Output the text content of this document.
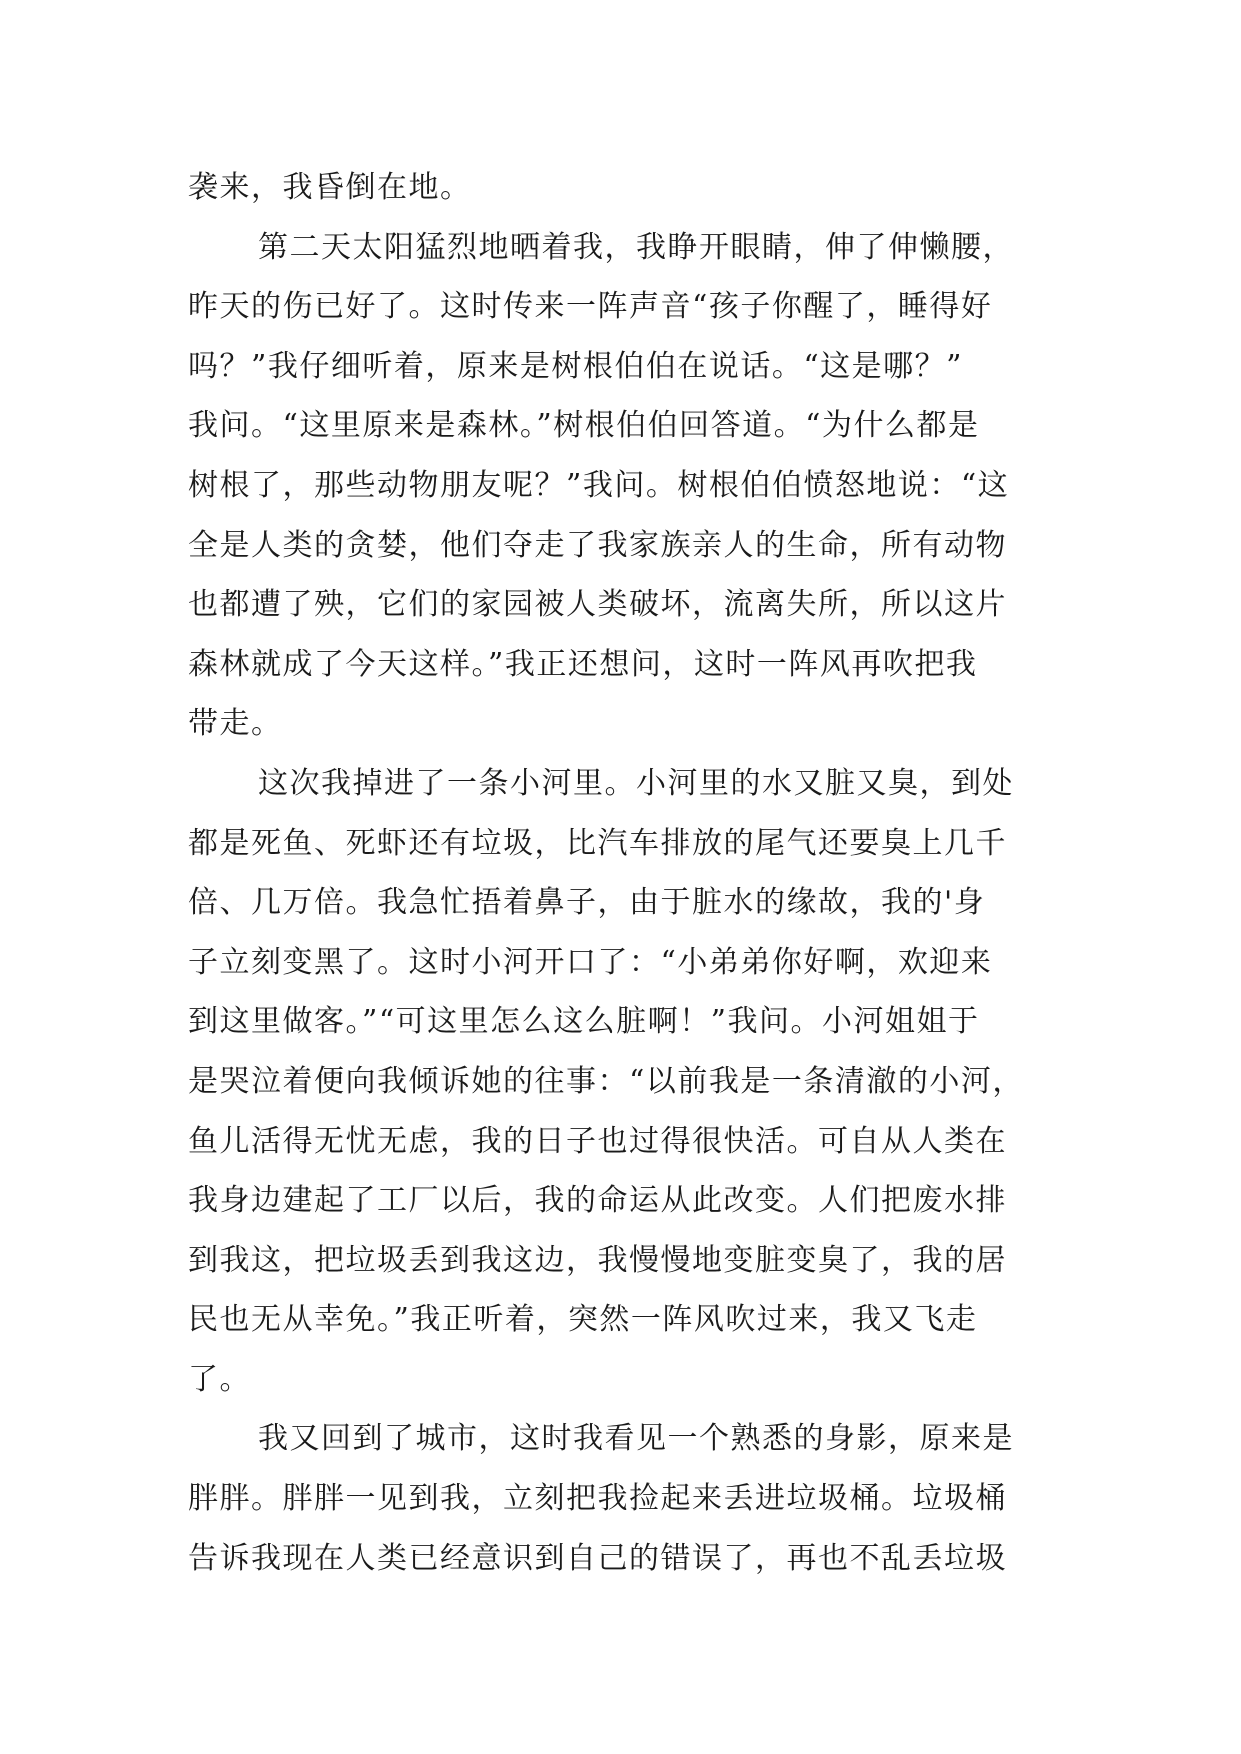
袭来，我昏倒在地。
第二天太阳猛烈地晒着我，我睁开眼睛，伸了伸懒腰，
昨天的伤已好了。这时传来一阵声音“孩子你醒了，睡得好
吗？”我仔细听着，原来是树根伯伯在说话。“这是哪？”
我问。“这里原来是森林。”树根伯伯回答道。“为什么都是
树根了，那些动物朋友呢？”我问。树根伯伯愤怒地说：“这
全是人类的贪婪，他们夺走了我家族亲人的生命，所有动物
也都遭了殃，它们的家园被人类破坏，流离失所，所以这片
森林就成了今天这样。”我正还想问，这时一阵风再吹把我
带走。
这次我掉进了一条小河里。小河里的水又脏又臭，到处
都是死鱼、死虾还有垃圾，比汽车排放的尾气还要臭上几千
倍、几万倍。我急忙捂着鼻子，由于脏水的缘故，我的'身
子立刻变黑了。这时小河开口了：“小弟弟你好啊，欢迎来
到这里做客。”“可这里怎么这么脏啊！”我问。小河姐姐于
是哭泣着便向我倾诉她的往事：“以前我是一条清澈的小河，
鱼儿活得无忧无虑，我的日子也过得很快活。可自从人类在
我身边建起了工厂以后，我的命运从此改变。人们把废水排
到我这，把垃圾丢到我这边，我慢慢地变脏变臭了，我的居
民也无从幸免。”我正听着，突然一阵风吹过来，我又飞走
了。
我又回到了城市，这时我看见一个熟悉的身影，原来是
胖胖。胖胖一见到我，立刻把我捡起来丢进垃圾桶。垃圾桶
告诉我现在人类已经意识到自己的错误了，再也不乱丢垃圾
